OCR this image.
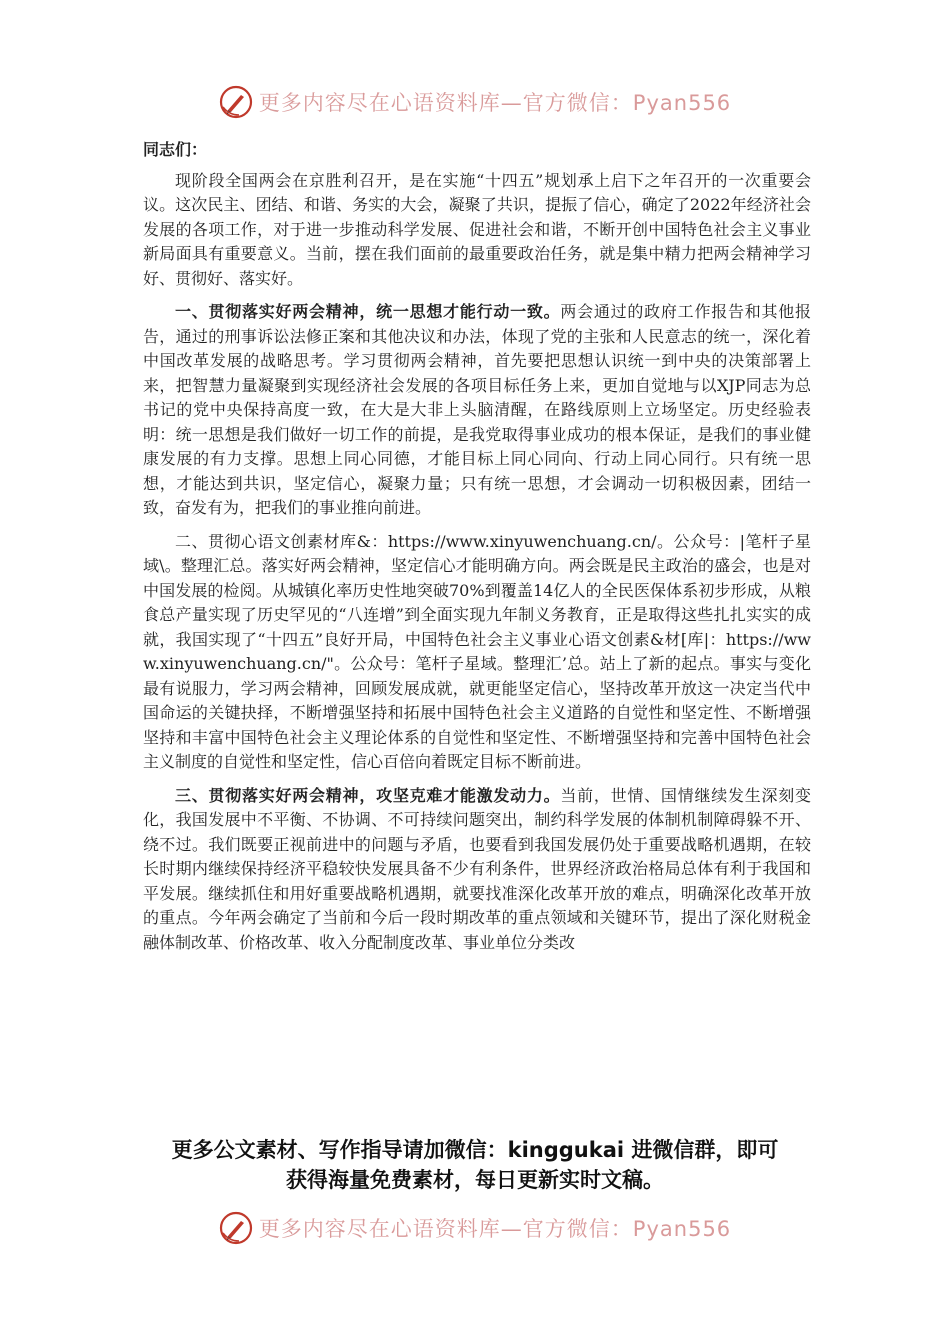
更多内容尽在心语资料库—官方微信：Pyan556

同志们：

现阶段全国两会在京胜利召开，是在实施“十四五”规划承上启下之年召开的一次重要会议。这次民主、团结、和谐、务实的大会，凝聚了共识，提振了信心，确定了2022年经济社会发展的各项工作，对于进一步推动科学发展、促进社会和谐，不断开创中国特色社会主义事业新局面具有重要意义。当前，摆在我们面前的最重要政治任务，就是集中精力把两会精神学习好、贯彻好、落实好。

一、贯彻落实好两会精神，统一思想才能行动一致。两会通过的政府工作报告和其他报告，通过的刑事诉讼法修正案和其他决议和办法，体现了党的主张和人民意志的统一，深化着中国改革发展的战略思考。学习贯彻两会精神，首先要把思想认识统一到中央的决策部署上来，把智慧力量凝聚到实现经济社会发展的各项目标任务上来，更加自觉地与以XJP同志为总书记的党中央保持高度一致，在大是大非上头脑清醒，在路线原则上立场坚定。历史经验表明：统一思想是我们做好一切工作的前提，是我党取得事业成功的根本保证，是我们的事业健康发展的有力支撑。思想上同心同德，才能目标上同心同向、行动上同心同行。只有统一思想，才能达到共识，坚定信心，凝聚力量；只有统一思想，才会调动一切积极因素，团结一致，奋发有为，把我们的事业推向前进。

二、贯彻心语文创素材库&：https://www.xinyuwenchuang.cn/。公众号：|笔杆子星域\。整理汇总。落实好两会精神，坚定信心才能明确方向。两会既是民主政治的盛会，也是对中国发展的检阅。从城镇化率历史性地突破70%到覆盖14亿人的全民医保体系初步形成，从粮食总产量实现了历史罕见的“八连增”到全面实现九年制义务教育，正是取得这些扎扎实实的成就，我国实现了“十四五”良好开局，中国特色社会主义事业心语文创素&材[库|：https://www.xinyuwenchuang.cn/"。公众号：笔杆子星域。整理汇’总。站上了新的起点。事实与变化最有说服力，学习两会精神，回顾发展成就，就更能坚定信心，坚持改革开放这一决定当代中国命运的关键抉择，不断增强坚持和拓展中国特色社会主义道路的自觉性和坚定性、不断增强坚持和丰富中国特色社会主义理论体系的自觉性和坚定性、不断增强坚持和完善中国特色社会主义制度的自觉性和坚定性，信心百倍向着既定目标不断前进。

三、贯彻落实好两会精神，攻坚克难才能激发动力。当前，世情、国情继续发生深刻变化，我国发展中不平衡、不协调、不可持续问题突出，制约科学发展的体制机制障碍躲不开、绕不过。我们既要正视前进中的问题与矛盾，也要看到我国发展仍处于重要战略机遇期，在较长时期内继续保持经济平稳较快发展具备不少有利条件，世界经济政治格局总体有利于我国和平发展。继续抓住和用好重要战略机遇期，就要找准深化改革开放的难点，明确深化改革开放的重点。今年两会确定了当前和今后一段时期改革的重点领域和关键环节，提出了深化财税金融体制改革、价格改革、收入分配制度改革、事业单位分类改

更多公文素材、写作指导请加微信：kinggukai 进微信群，即可
获得海量免费素材，每日更新实时文稿。
更多内容尽在心语资料库—官方微信：Pyan556
